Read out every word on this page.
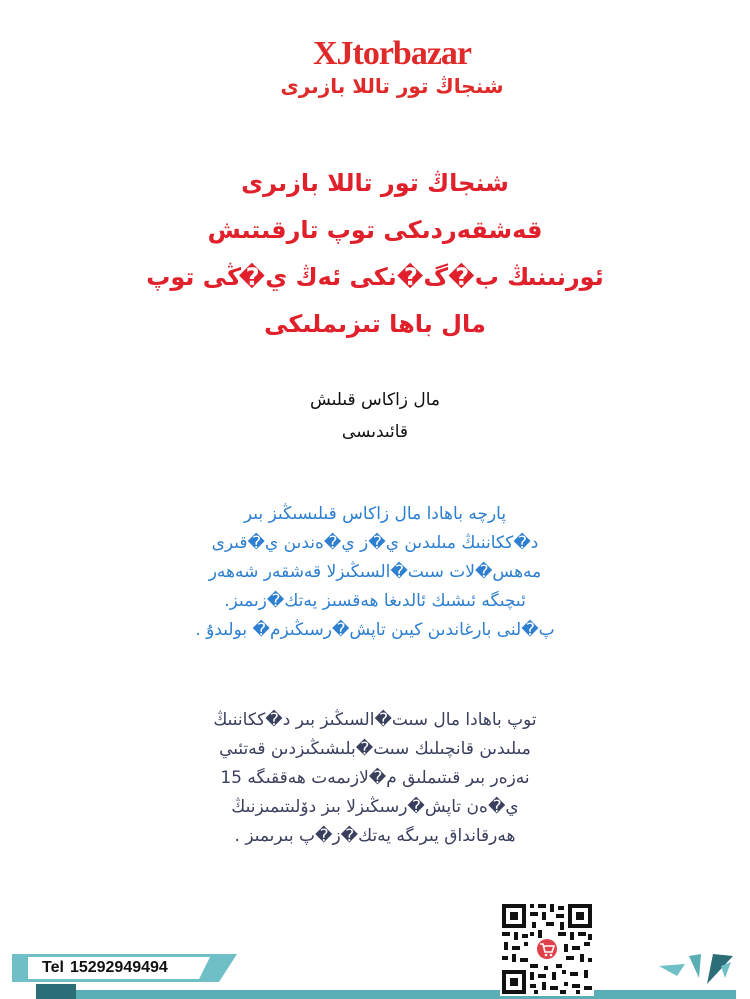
XJtorbazar
شنجاڭ تور تاللا بازىرى
شنجاڭ تور تاللا بازىرى
قەشقەردىكى توپ تارقىتىش
ئورنىنىڭ ب�گ�نكى ئەڭ ي�ڭى توپ
مال باھا تىزىملىكى
مال زاكاس قىلىش
قائىدىسى
پارچە باھادا مال زاكاس قىلىسىڭىز بىر
د�ككاننىڭ مىلىدىن ي�ز ي�ەندىن ي�قىرى
مەھس�لات سىت�السىڭىزلا قەشقەر شەھەر
ئىچىگە ئىشىك ئالدىغا ھەقسىز يەتك�زىمىز.
پ�لنى بارغاندىن كيىن تاپش�رسىڭىزم� بولىدۇ .
توپ باھادا مال سىت�السىڭىز بىر د�ككاننىڭ
مىلىدىن قانچىلىك سىت�بلىشىڭىزدىن قەتئىي
نەزەر بىر قىتىملىق م�لازىمەت ھەققىگە 15
ي�ەن تاپش�رسىڭىزلا بىز دۆلىتىمىزنىڭ
ھەرقانداق يىرىگە يەتك�ز�پ بىرىمىز .
Tel 15292949494
